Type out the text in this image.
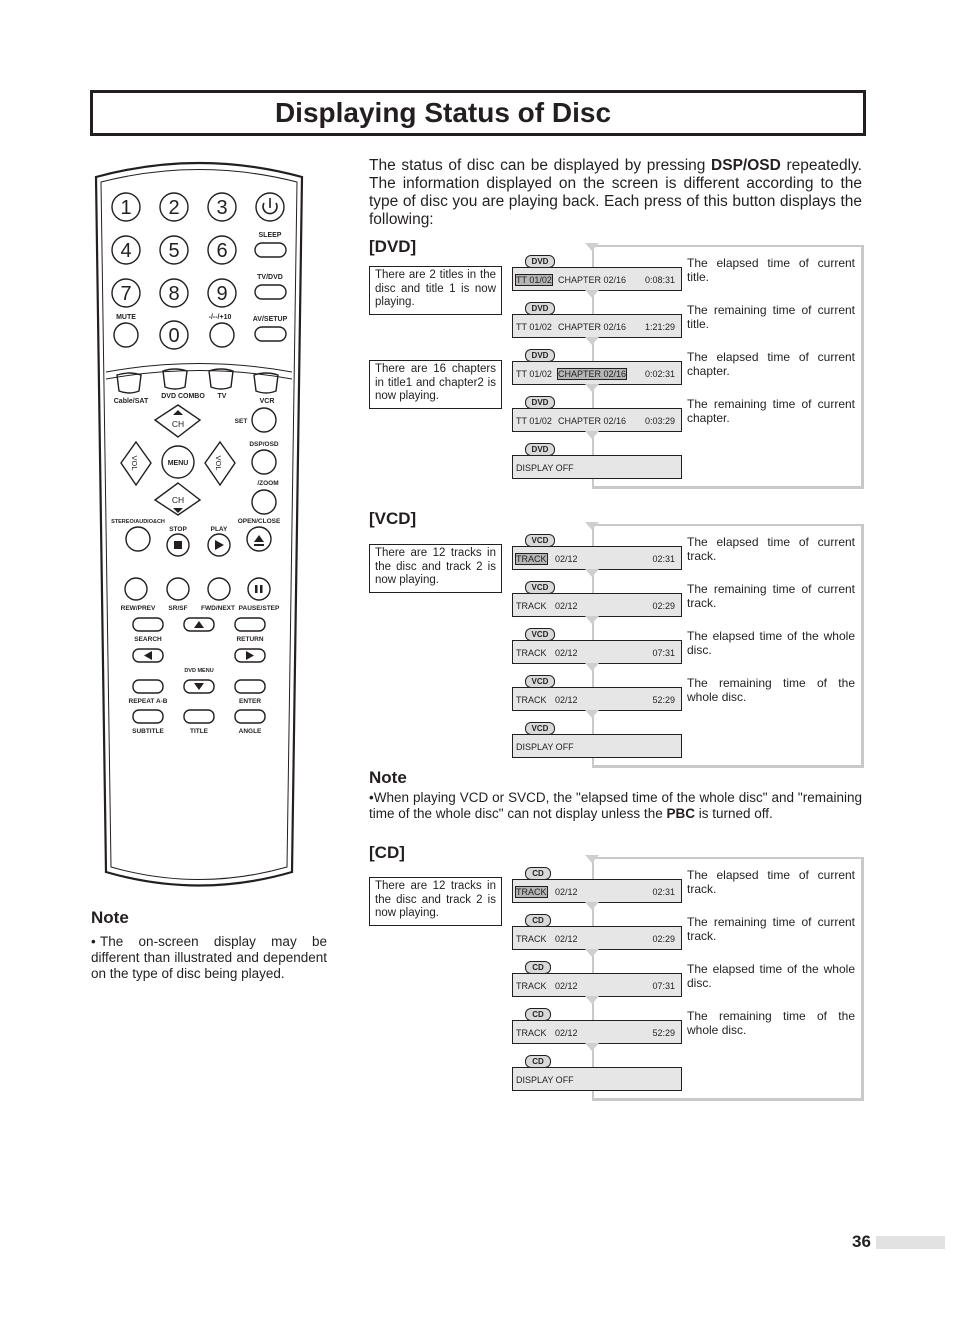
Displaying Status of Disc
The status of disc can be displayed by pressing DSP/OSD repeatedly. The information displayed on the screen is different according to the type of disc you are playing back. Each press of this button displays the following:
1 2 3
4 5 6
7 8 9
0
SLEEP
TV/DVD
MUTE	-/--/+10	AV/SETUP
Cable/SAT
DVD COMBO TV
VCR
CH
CH
MENU
VOL	VOL
SET
DSP/OSD
/ZOOM
STEREO/AUDIO&CH
STOP	PLAY
OPEN/CLOSE
REW/PREV SR/SF FWD/NEXT PAUSE/STEP
SEARCH	RETURN
DVD MENU
REPEAT A-B	ENTER
SUBTITLE	TITLE	ANGLE
Note
• The on-screen display may be different than illustrated and dependent on the type of disc being played.
[DVD]
There are 2 titles in the disc and title 1 is now playing.
There are 16 chapters in title1 and chapter2 is now playing.
DVD
TT 01/02 CHAPTER 02/16 0:08:31
The elapsed time of current title.
DVD
TT 01/02 CHAPTER 02/16 1:21:29
The remaining time of current title.
DVD
TT 01/02 CHAPTER 02/16 0:02:31
The elapsed time of current chapter.
DVD
TT 01/02 CHAPTER 02/16 0:03:29
The remaining time of current chapter.
DVD
DISPLAY OFF
[VCD]
There are 12 tracks in the disc and track 2 is now playing.
VCD
TRACK 02/12	02:31
The elapsed time of current track.
VCD
TRACK 02/12	02:29
The remaining time of current track.
VCD
TRACK 02/12	07:31
The elapsed time of the whole disc.
VCD
TRACK 02/12	52:29
The remaining time of the whole disc.
VCD
DISPLAY OFF
Note
•When playing VCD or SVCD, the "elapsed time of the whole disc" and "remaining time of the whole disc" can not display unless the PBC is turned off.
[CD]
There are 12 tracks in the disc and track 2 is now playing.
CD
TRACK 02/12	02:31
The elapsed time of current track.
CD
TRACK 02/12	02:29
The remaining time of current track.
CD
TRACK 02/12	07:31
The elapsed time of the whole disc.
CD
TRACK 02/12	52:29
The remaining time of the whole disc.
CD
DISPLAY OFF
36
